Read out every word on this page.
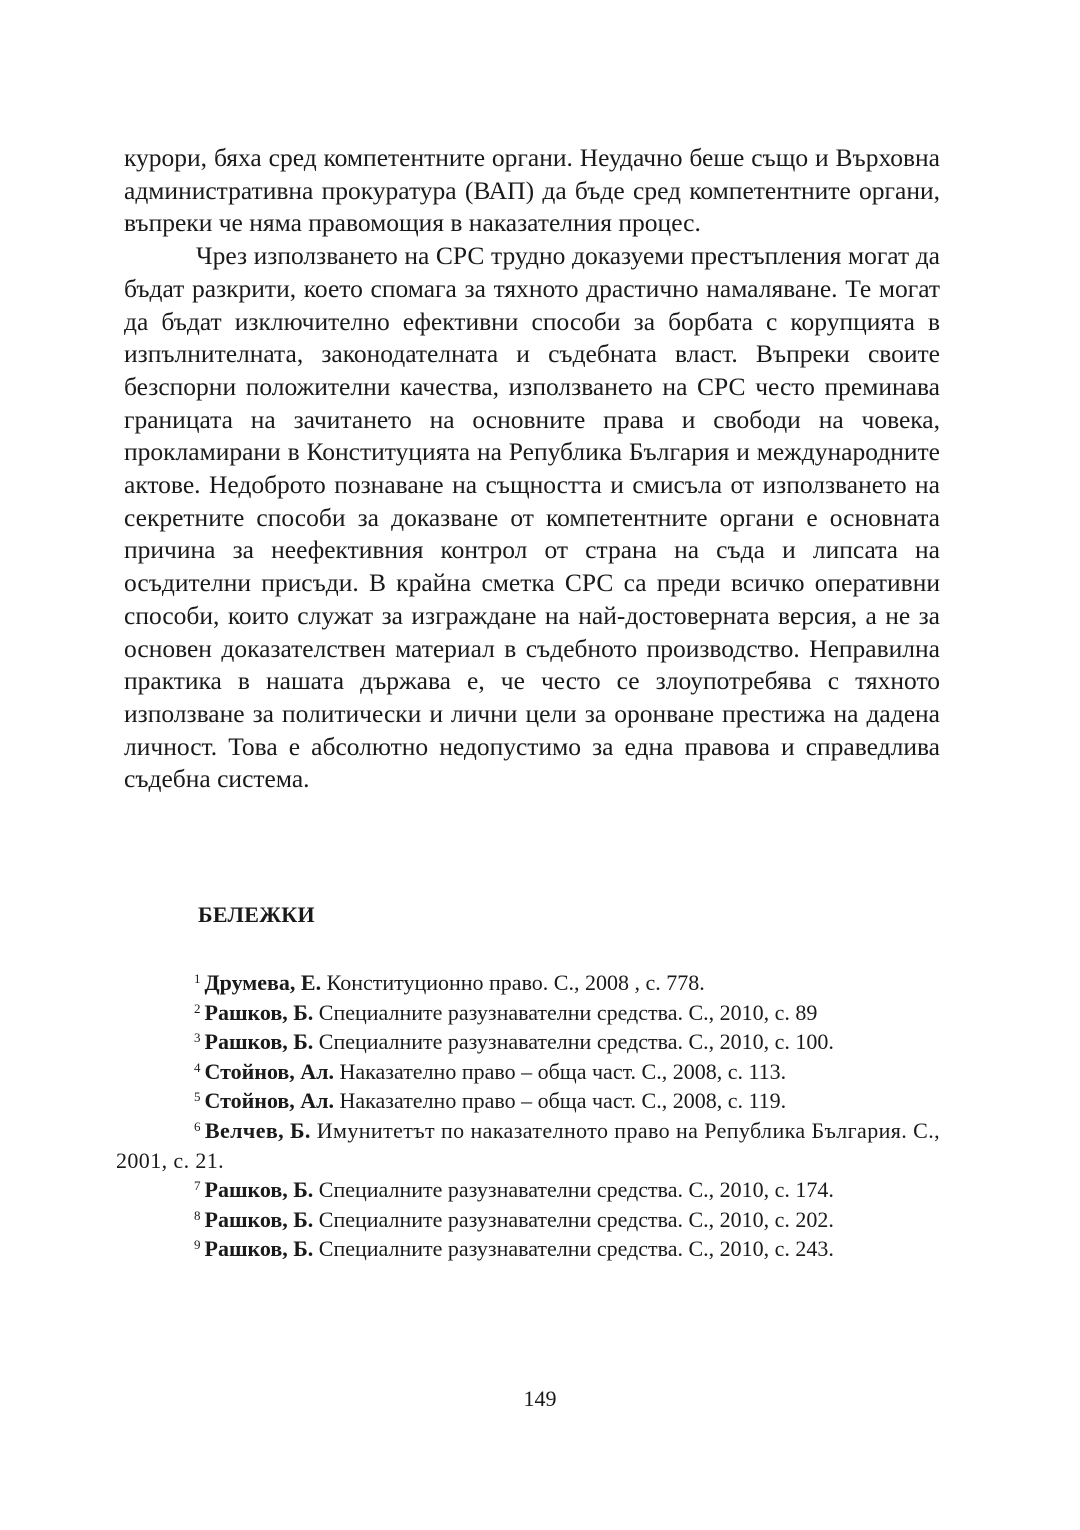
курори, бяха сред компетентните органи. Неудачно беше също и Върховна административна прокуратура (ВАП) да бъде сред компетентните органи, въпреки че няма правомощия в наказателния процес.

Чрез използването на СРС трудно доказуеми престъпления могат да бъдат разкрити, което спомага за тяхното драстично намаляване. Те могат да бъдат изключително ефективни способи за борбата с корупцията в изпълнителната, законодателната и съдебната власт. Въпреки своите безспорни положителни качества, използването на СРС често преминава границата на зачитането на основните права и свободи на човека, прокламирани в Конституцията на Република България и международните актове. Недоброто познаване на същността и смисъла от използването на секретните способи за доказване от компетентните органи е основната причина за неефективния контрол от страна на съда и липсата на осъдителни присъди. В крайна сметка СРС са преди всичко оперативни способи, които служат за изграждане на най-достоверната версия, а не за основен доказателствен материал в съдебното производство. Неправилна практика в нашата държава е, че често се злоупотребява с тяхното използване за политически и лични цели за оронване престижа на дадена личност. Това е абсолютно недопустимо за една правова и справедлива съдебна система.

БЕЛЕЖКИ
$^1$ Друмева, Е. Конституционно право. С., 2008 , с. 778.
$^2$ Рашков, Б. Специалните разузнавателни средства. С., 2010, с. 89
$^3$ Рашков, Б. Специалните разузнавателни средства. С., 2010, с. 100.
$^4$ Стойнов, Ал. Наказателно право – обща част. С., 2008, с. 113.
$^5$ Стойнов, Ал. Наказателно право – обща част. С., 2008, с. 119.
$^6$ Велчев, Б. Имунитетът по наказателното право на Република България. С., 2001, с. 21.
$^7$ Рашков, Б. Специалните разузнавателни средства. С., 2010, с. 174.
$^8$ Рашков, Б. Специалните разузнавателни средства. С., 2010, с. 202.
$^9$ Рашков, Б. Специалните разузнавателни средства. С., 2010, с. 243.
149
